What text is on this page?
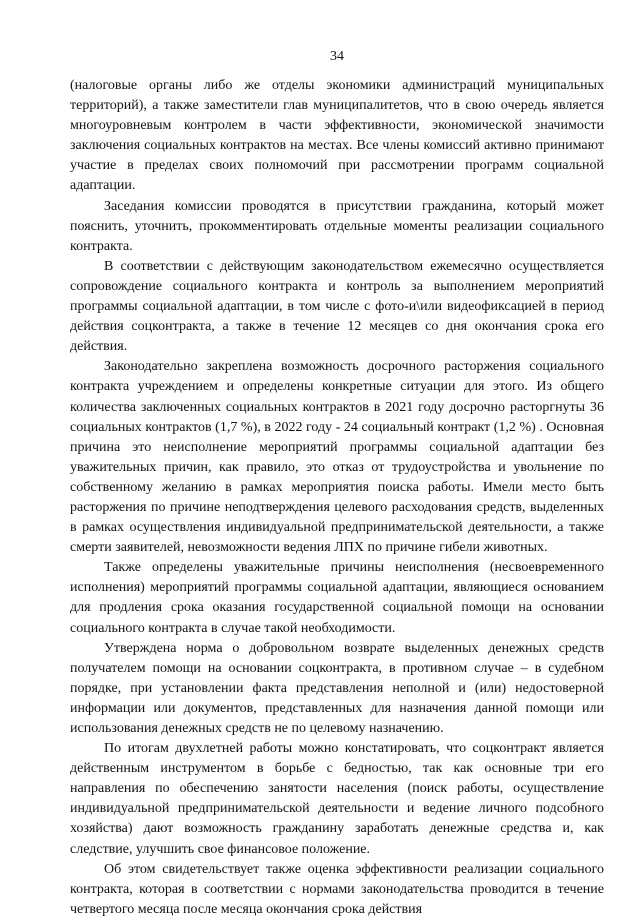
34

(налоговые органы либо же отделы экономики администраций муниципальных территорий), а также заместители глав муниципалитетов, что в свою очередь является многоуровневым контролем в части эффективности, экономической значимости заключения социальных контрактов на местах. Все члены комиссий активно принимают участие в пределах своих полномочий при рассмотрении программ социальной адаптации.

Заседания комиссии проводятся в присутствии гражданина, который может пояснить, уточнить, прокомментировать отдельные моменты реализации социального контракта.

В соответствии с действующим законодательством ежемесячно осуществляется сопровождение социального контракта и контроль за выполнением мероприятий программы социальной адаптации, в том числе с фото-и\или видеофиксацией в период действия соцконтракта, а также в течение 12 месяцев со дня окончания срока его действия.

Законодательно закреплена возможность досрочного расторжения социального контракта учреждением и определены конкретные ситуации для этого. Из общего количества заключенных социальных контрактов в 2021 году досрочно расторгнуты 36 социальных контрактов (1,7 %), в 2022 году - 24 социальный контракт (1,2 %) . Основная причина это неисполнение мероприятий программы социальной адаптации без уважительных причин, как правило, это отказ от трудоустройства и увольнение по собственному желанию в рамках мероприятия поиска работы. Имели место быть расторжения по причине неподтверждения целевого расходования средств, выделенных в рамках осуществления индивидуальной предпринимательской деятельности, а также смерти заявителей, невозможности ведения ЛПХ по причине гибели животных.

Также определены уважительные причины неисполнения (несвоевременного исполнения) мероприятий программы социальной адаптации, являющиеся основанием для продления срока оказания государственной социальной помощи на основании социального контракта в случае такой необходимости.

Утверждена норма о добровольном возврате выделенных денежных средств получателем помощи на основании соцконтракта, в противном случае – в судебном порядке, при установлении факта представления неполной и (или) недостоверной информации или документов, представленных для назначения данной помощи или использования денежных средств не по целевому назначению.

По итогам двухлетней работы можно констатировать, что соцконтракт является действенным инструментом в борьбе с бедностью, так как основные три его направления по обеспечению занятости населения (поиск работы, осуществление индивидуальной предпринимательской деятельности и ведение личного подсобного хозяйства) дают возможность гражданину заработать денежные средства и, как следствие, улучшить свое финансовое положение.

Об этом свидетельствует также оценка эффективности реализации социального контракта, которая в соответствии с нормами законодательства проводится в течение четвертого месяца после месяца окончания срока действия
